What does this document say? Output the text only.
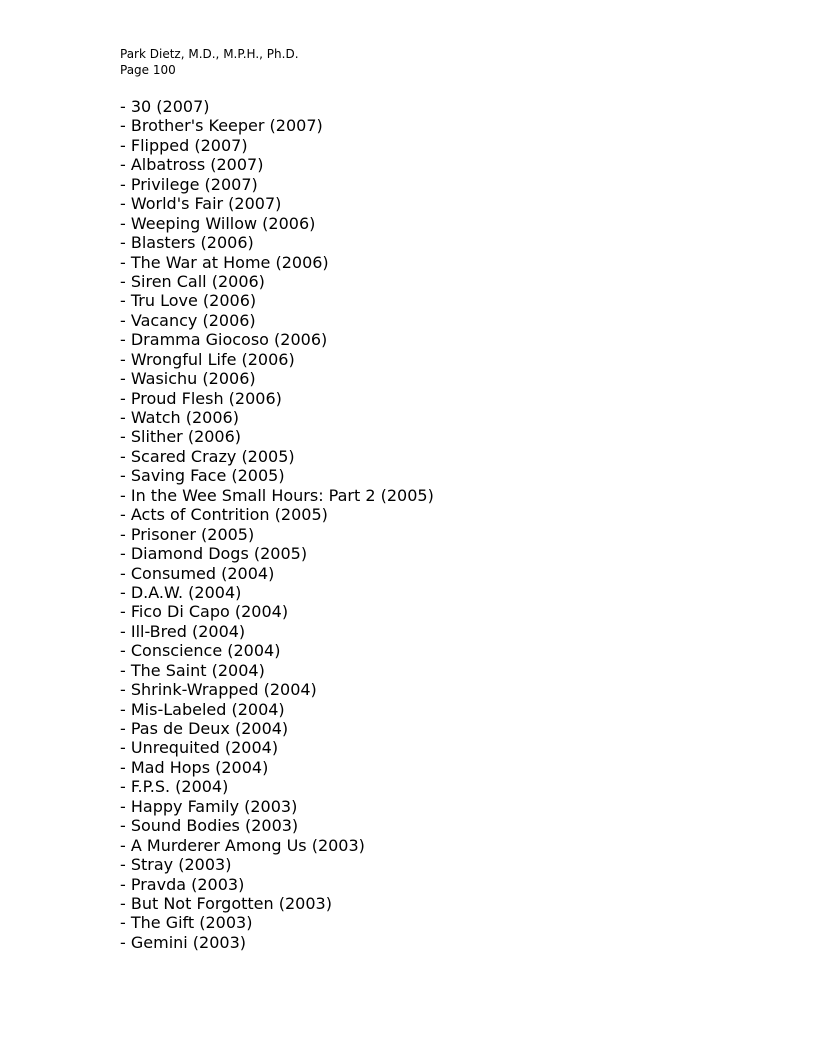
Park Dietz, M.D., M.P.H., Ph.D.
Page 100
- 30 (2007)
- Brother's Keeper (2007)
- Flipped (2007)
- Albatross (2007)
- Privilege (2007)
- World's Fair (2007)
- Weeping Willow (2006)
- Blasters (2006)
- The War at Home (2006)
- Siren Call (2006)
- Tru Love (2006)
- Vacancy (2006)
- Dramma Giocoso (2006)
- Wrongful Life (2006)
- Wasichu (2006)
- Proud Flesh (2006)
- Watch (2006)
- Slither (2006)
- Scared Crazy (2005)
- Saving Face (2005)
- In the Wee Small Hours: Part 2 (2005)
- Acts of Contrition (2005)
- Prisoner (2005)
- Diamond Dogs (2005)
- Consumed (2004)
- D.A.W. (2004)
- Fico Di Capo (2004)
- Ill-Bred (2004)
- Conscience (2004)
- The Saint (2004)
- Shrink-Wrapped (2004)
- Mis-Labeled (2004)
- Pas de Deux (2004)
- Unrequited (2004)
- Mad Hops (2004)
- F.P.S. (2004)
- Happy Family (2003)
- Sound Bodies (2003)
- A Murderer Among Us (2003)
- Stray (2003)
- Pravda (2003)
- But Not Forgotten (2003)
- The Gift (2003)
- Gemini (2003)
